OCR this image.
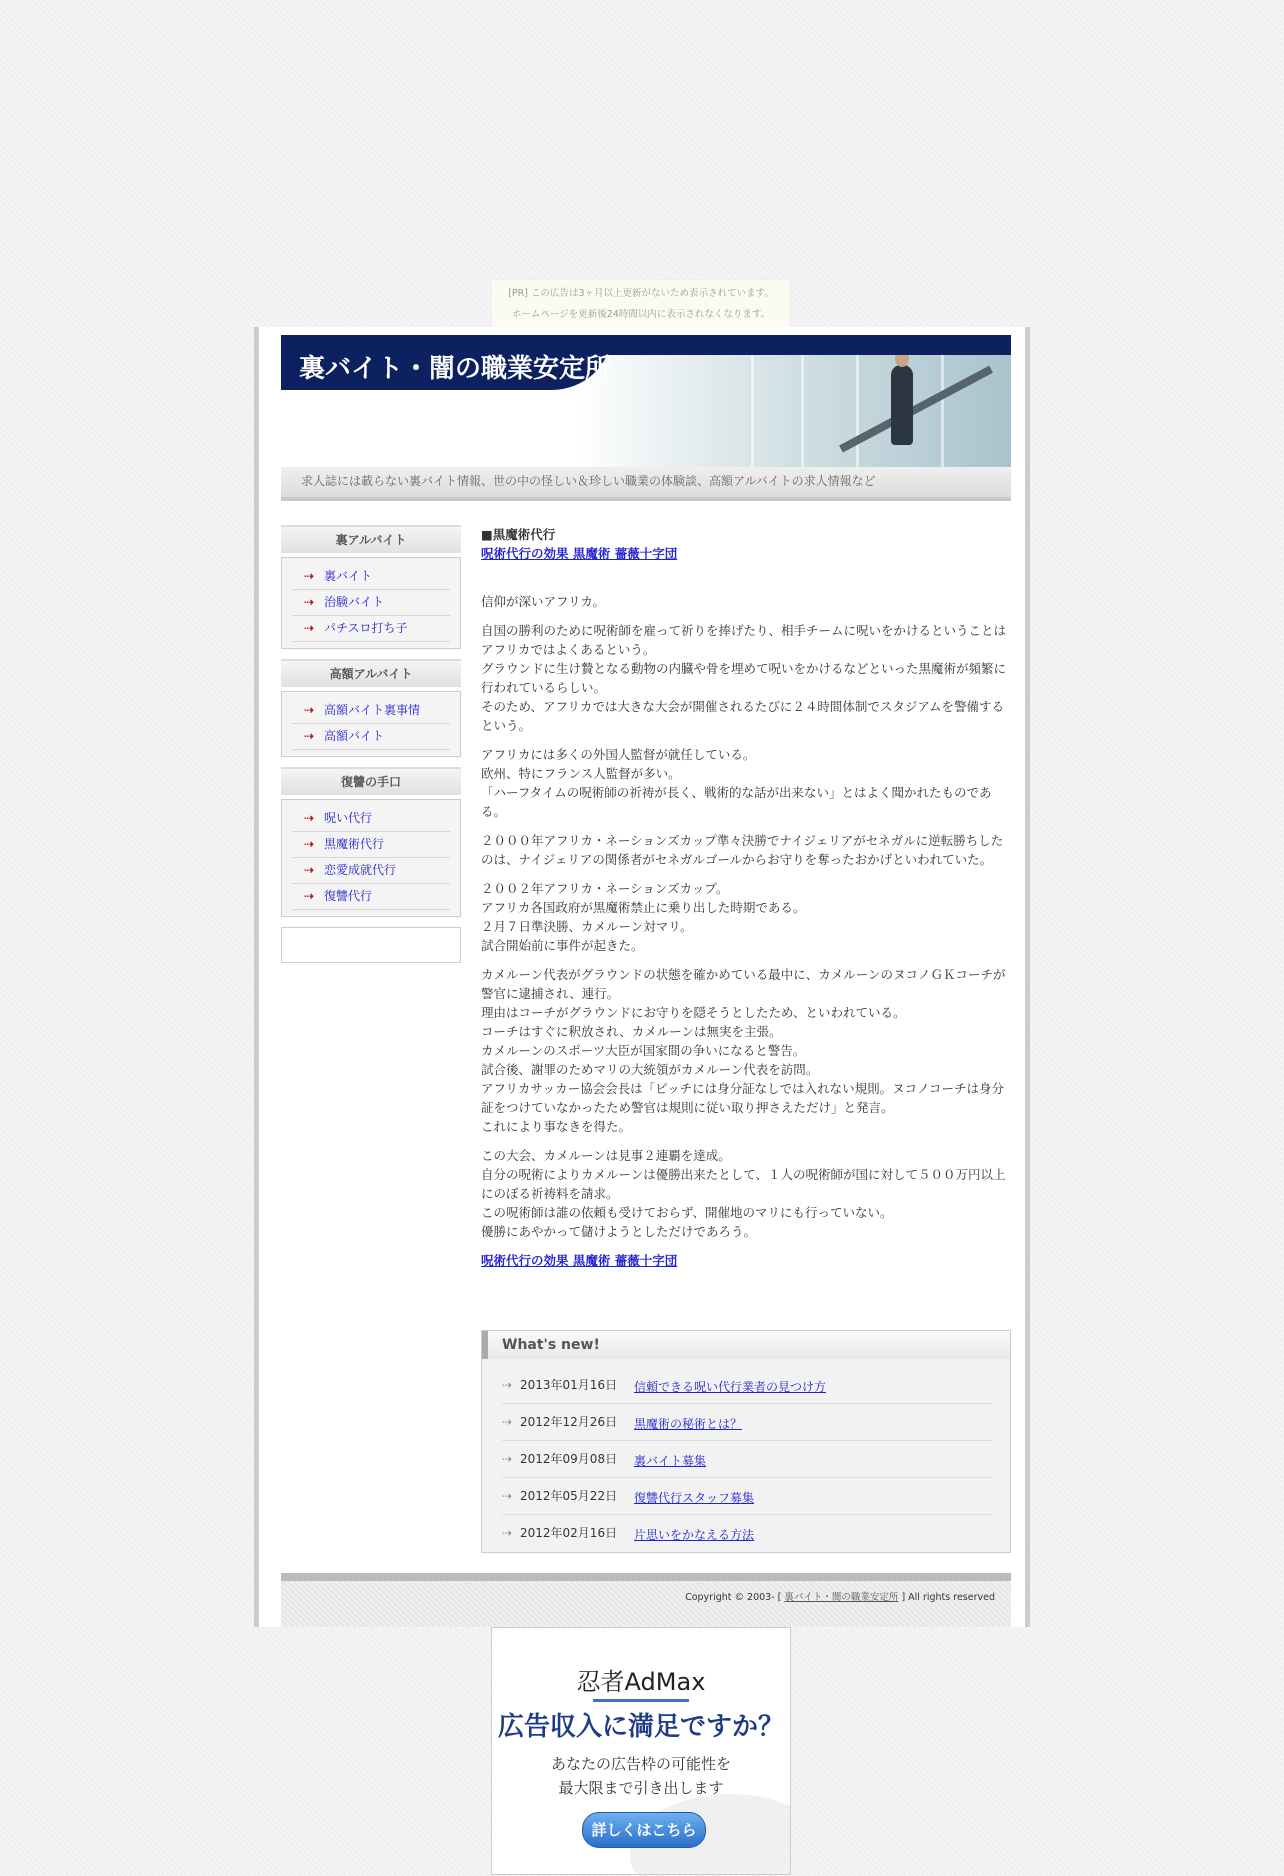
[PR] この広告は3ヶ月以上更新がないため表示されています。
ホームページを更新後24時間以内に表示されなくなります。
裏バイト・闇の職業安定所
求人誌には載らない裏バイト情報、世の中の怪しい＆珍しい職業の体験談、高額アルバイトの求人情報など
裏アルバイト
⇢ 裏バイト
⇢ 治験バイト
⇢ パチスロ打ち子
高額アルバイト
⇢ 高額バイト裏事情
⇢ 高額バイト
復讐の手口
⇢ 呪い代行
⇢ 黒魔術代行
⇢ 恋愛成就代行
⇢ 復讐代行
■黒魔術代行
呪術代行の効果 黒魔術 薔薇十字団

信仰が深いアフリカ。

自国の勝利のために呪術師を雇って祈りを捧げたり、相手チームに呪いをかけるということはアフリカではよくあるという。
グラウンドに生け贄となる動物の内臓や骨を埋めて呪いをかけるなどといった黒魔術が頻繁に行われているらしい。
そのため、アフリカでは大きな大会が開催されるたびに２４時間体制でスタジアムを警備するという。

アフリカには多くの外国人監督が就任している。
欧州、特にフランス人監督が多い。
「ハーフタイムの呪術師の祈祷が長く、戦術的な話が出来ない」とはよく聞かれたものである。

２０００年アフリカ・ネーションズカップ準々決勝でナイジェリアがセネガルに逆転勝ちしたのは、ナイジェリアの関係者がセネガルゴールからお守りを奪ったおかげといわれていた。

２００２年アフリカ・ネーションズカップ。
アフリカ各国政府が黒魔術禁止に乗り出した時期である。
２月７日準決勝、カメルーン対マリ。
試合開始前に事件が起きた。

カメルーン代表がグラウンドの状態を確かめている最中に、カメルーンのヌコノＧＫコーチが警官に逮捕され、連行。
理由はコーチがグラウンドにお守りを隠そうとしたため、といわれている。
コーチはすぐに釈放され、カメルーンは無実を主張。
カメルーンのスポーツ大臣が国家間の争いになると警告。
試合後、謝罪のためマリの大統領がカメルーン代表を訪問。
アフリカサッカー協会会長は「ピッチには身分証なしでは入れない規則。ヌコノコーチは身分証をつけていなかったため警官は規則に従い取り押さえただけ」と発言。
これにより事なきを得た。

この大会、カメルーンは見事２連覇を達成。
自分の呪術によりカメルーンは優勝出来たとして、１人の呪術師が国に対して５００万円以上にのぼる祈祷料を請求。
この呪術師は誰の依頼も受けておらず、開催地のマリにも行っていない。
優勝にあやかって儲けようとしただけであろう。

呪術代行の効果 黒魔術 薔薇十字団
What's new!
⇢ 2013年01月16日 信頼できる呪い代行業者の見つけ方
⇢ 2012年12月26日 黒魔術の秘術とは？
⇢ 2012年09月08日 裏バイト募集
⇢ 2012年05月22日 復讐代行スタッフ募集
⇢ 2012年02月16日 片思いをかなえる方法
Copyright © 2003- [ 裏バイト・闇の職業安定所 ] All rights reserved
忍者AdMax
広告収入に満足ですか？
あなたの広告枠の可能性を
最大限まで引き出します
詳しくはこちら
